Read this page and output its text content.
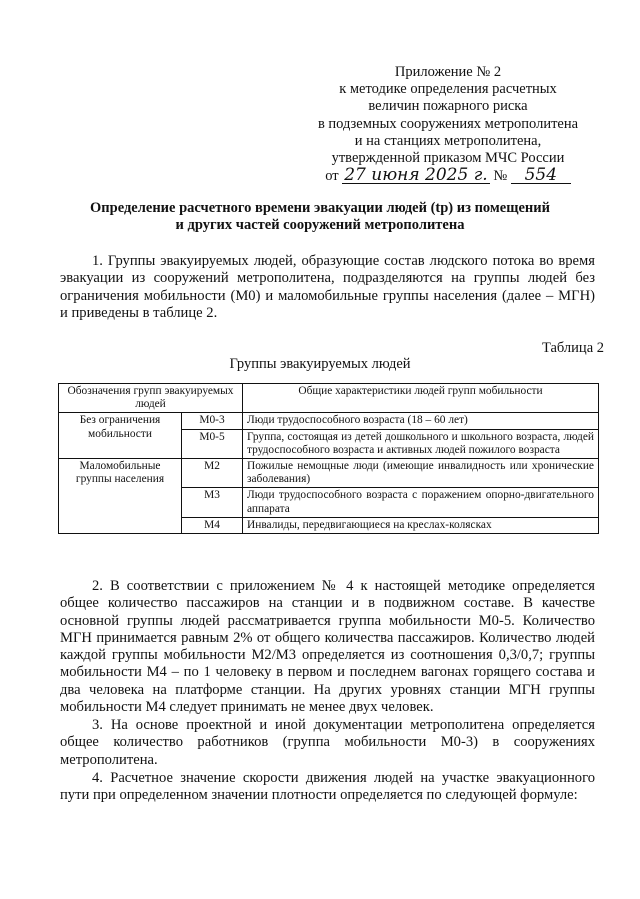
Приложение № 2
к методике определения расчетных
величин пожарного риска
в подземных сооружениях метрополитена
и на станциях метрополитена,
утвержденной приказом МЧС России
от 27 июня 2025 г. № 554
Определение расчетного времени эвакуации людей (tр) из помещений
и других частей сооружений метрополитена
1. Группы эвакуируемых людей, образующие состав людского потока во время эвакуации из сооружений метрополитена, подразделяются на группы людей без ограничения мобильности (М0) и маломобильные группы населения (далее – МГН) и приведены в таблице 2.
Таблица 2
Группы эвакуируемых людей
Обозначения групп эвакуируемых людей		Общие характеристики людей групп мобильности
Без ограничения мобильности	М0-3	Люди трудоспособного возраста (18 – 60 лет)
	М0-5	Группа, состоящая из детей дошкольного и школьного возраста, людей трудоспособного возраста и активных людей пожилого возраста
Маломобильные группы населения	М2	Пожилые немощные люди (имеющие инвалидность или хронические заболевания)
	М3	Люди трудоспособного возраста с поражением опорно-двигательного аппарата
	М4	Инвалиды, передвигающиеся на креслах-колясках
2. В соответствии с приложением № 4 к настоящей методике определяется общее количество пассажиров на станции и в подвижном составе. В качестве основной группы людей рассматривается группа мобильности М0-5. Количество МГН принимается равным 2% от общего количества пассажиров. Количество людей каждой группы мобильности М2/М3 определяется из соотношения 0,3/0,7; группы мобильности М4 – по 1 человеку в первом и последнем вагонах горящего состава и два человека на платформе станции. На других уровнях станции МГН группы мобильности М4 следует принимать не менее двух человек.
3. На основе проектной и иной документации метрополитена определяется общее количество работников (группа мобильности М0-3) в сооружениях метрополитена.
4. Расчетное значение скорости движения людей на участке эвакуационного пути при определенном значении плотности определяется по следующей формуле:
